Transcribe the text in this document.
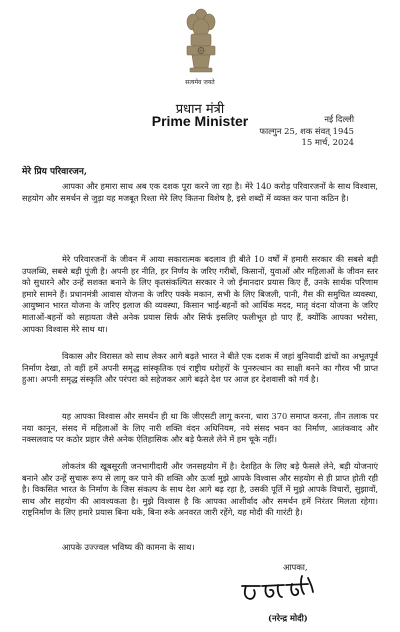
सत्यमेव जयते
प्रधान मंत्री
Prime Minister	नई दिल्ली
फाल्गुन 25, शक संवत् 1945
15 मार्च, 2024
मेरे प्रिय परिवारजन,
आपका और हमारा साथ अब एक दशक पूरा करने जा रहा है। मेरे 140 करोड़ परिवारजनों के साथ विश्वास, सहयोग और समर्थन से जुड़ा यह मजबूत रिश्ता मेरे लिए कितना विशेष है, इसे शब्दों में व्यक्त कर पाना कठिन है।
मेरे परिवारजनों के जीवन में आया सकारात्मक बदलाव ही बीते 10 वर्षों में हमारी सरकार की सबसे बड़ी उपलब्धि, सबसे बड़ी पूंजी है। अपनी हर नीति, हर निर्णय के जरिए गरीबों, किसानों, युवाओं और महिलाओं के जीवन स्तर को सुधारने और उन्हें सशक्त बनाने के लिए कृतसंकल्पित सरकार ने जो ईमानदार प्रयास किए हैं, उनके सार्थक परिणाम हमारे सामने हैं। प्रधानमंत्री आवास योजना के जरिए पक्के मकान, सभी के लिए बिजली, पानी, गैस की समुचित व्यवस्था, आयुष्मान भारत योजना के जरिए इलाज की व्यवस्था, किसान भाई-बहनों को आर्थिक मदद, मातृ वंदना योजना के जरिए माताओं-बहनों को सहायता जैसे अनेक प्रयास सिर्फ और सिर्फ इसलिए फलीभूत हो पाए हैं, क्योंकि आपका भरोसा, आपका विश्वास मेरे साथ था।
विकास और विरासत को साथ लेकर आगे बढ़ते भारत ने बीते एक दशक में जहां बुनियादी ढांचों का अभूतपूर्व निर्माण देखा, तो वहीं हमें अपनी समृद्ध सांस्कृतिक एवं राष्ट्रीय धरोहरों के पुनरुत्थान का साक्षी बनने का गौरव भी प्राप्त हुआ। अपनी समृद्ध संस्कृति और परंपरा को सहेजकर आगे बढ़ते देश पर आज हर देशवासी को गर्व है।
यह आपका विश्वास और समर्थन ही था कि जीएसटी लागू करना, धारा 370 समाप्त करना, तीन तलाक पर नया कानून, संसद में महिलाओं के लिए नारी शक्ति वंदन अधिनियम, नये संसद भवन का निर्माण, आतंकवाद और नक्सलवाद पर कठोर प्रहार जैसे अनेक ऐतिहासिक और बड़े फैसले लेने में हम चूके नहीं।
लोकतंत्र की खूबसूरती जनभागीदारी और जनसहयोग में है। देशहित के लिए बड़े फैसले लेने, बड़ी योजनाएं बनाने और उन्हें सुचारू रूप से लागू कर पाने की शक्ति और ऊर्जा मुझे आपके विश्वास और सहयोग से ही प्राप्त होती रही है। विकसित भारत के निर्माण के जिस संकल्प के साथ देश आगे बढ़ रहा है, उसकी पूर्ति में मुझे आपके विचारों, सुझावों, साथ और सहयोग की आवश्यकता है। मुझे विश्वास है कि आपका आशीर्वाद और समर्थन हमें निरंतर मिलता रहेगा। राष्ट्रनिर्माण के लिए हमारे प्रयास बिना थके, बिना रुके अनवरत जारी रहेंगे, यह मोदी की गारंटी है।
आपके उज्ज्वल भविष्य की कामना के साथ।
आपका,
(नरेन्द्र मोदी)
